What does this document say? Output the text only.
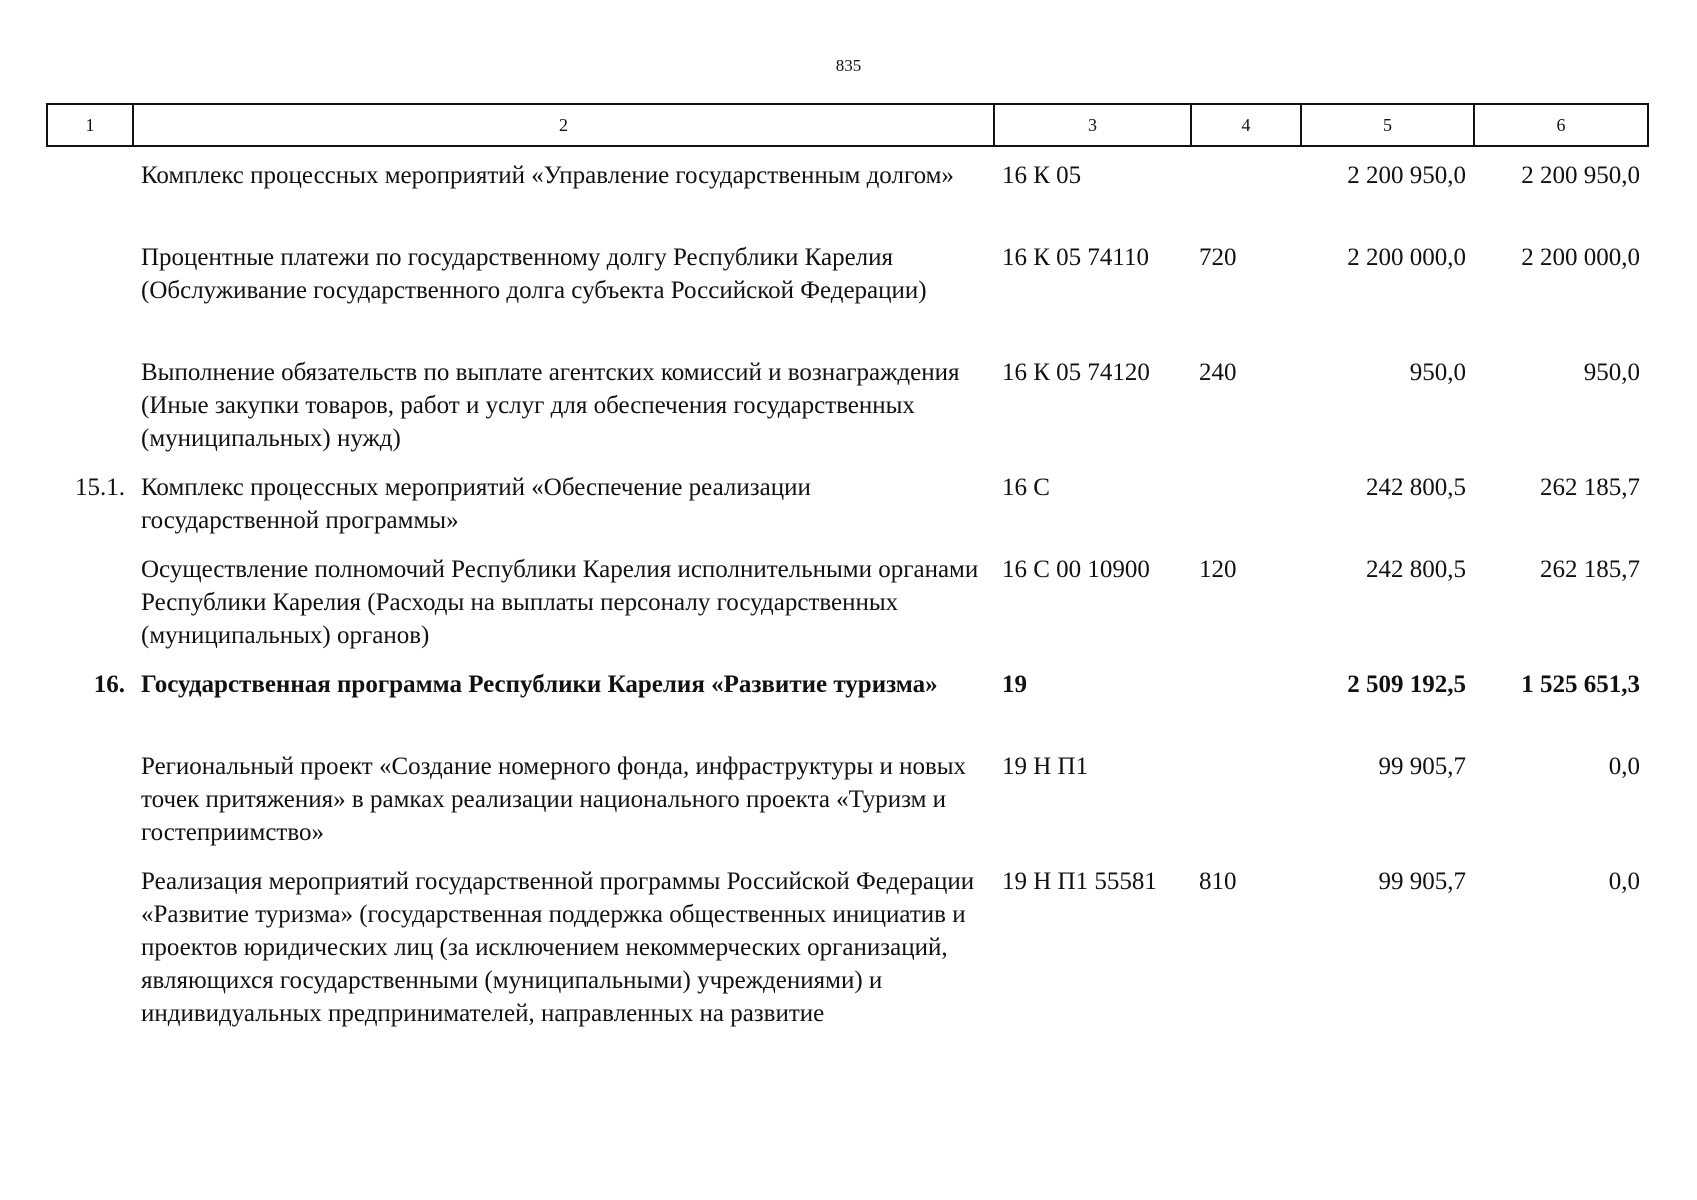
835
1	2	3	4	5	6
	Комплекс процессных мероприятий «Управление государственным долгом»	16 К 05		2 200 950,0	2 200 950,0
	Процентные платежи по государственному долгу Республики Карелия (Обслуживание государственного долга субъекта Российской Федерации)	16 К 05 74110	720	2 200 000,0	2 200 000,0
	Выполнение обязательств по выплате агентских комиссий и вознаграждения (Иные закупки товаров, работ и услуг для обеспечения государственных (муниципальных) нужд)	16 К 05 74120	240	950,0	950,0
15.1.	Комплекс процессных мероприятий «Обеспечение реализации государственной программы»	16 С		242 800,5	262 185,7
	Осуществление полномочий Республики Карелия исполнительными органами Республики Карелия (Расходы на выплаты персоналу государственных (муниципальных) органов)	16 С 00 10900	120	242 800,5	262 185,7
16.	Государственная программа Республики Карелия «Развитие туризма»	19		2 509 192,5	1 525 651,3
	Региональный проект «Создание номерного фонда, инфраструктуры и новых точек притяжения» в рамках реализации национального проекта «Туризм и гостеприимство»	19 Н П1		99 905,7	0,0
	Реализация мероприятий государственной программы Российской Федерации «Развитие туризма» (государственная поддержка общественных инициатив и проектов юридических лиц (за исключением некоммерческих организаций, являющихся государственными (муниципальными) учреждениями) и индивидуальных предпринимателей, направленных на развитие	19 Н П1 55581	810	99 905,7	0,0
